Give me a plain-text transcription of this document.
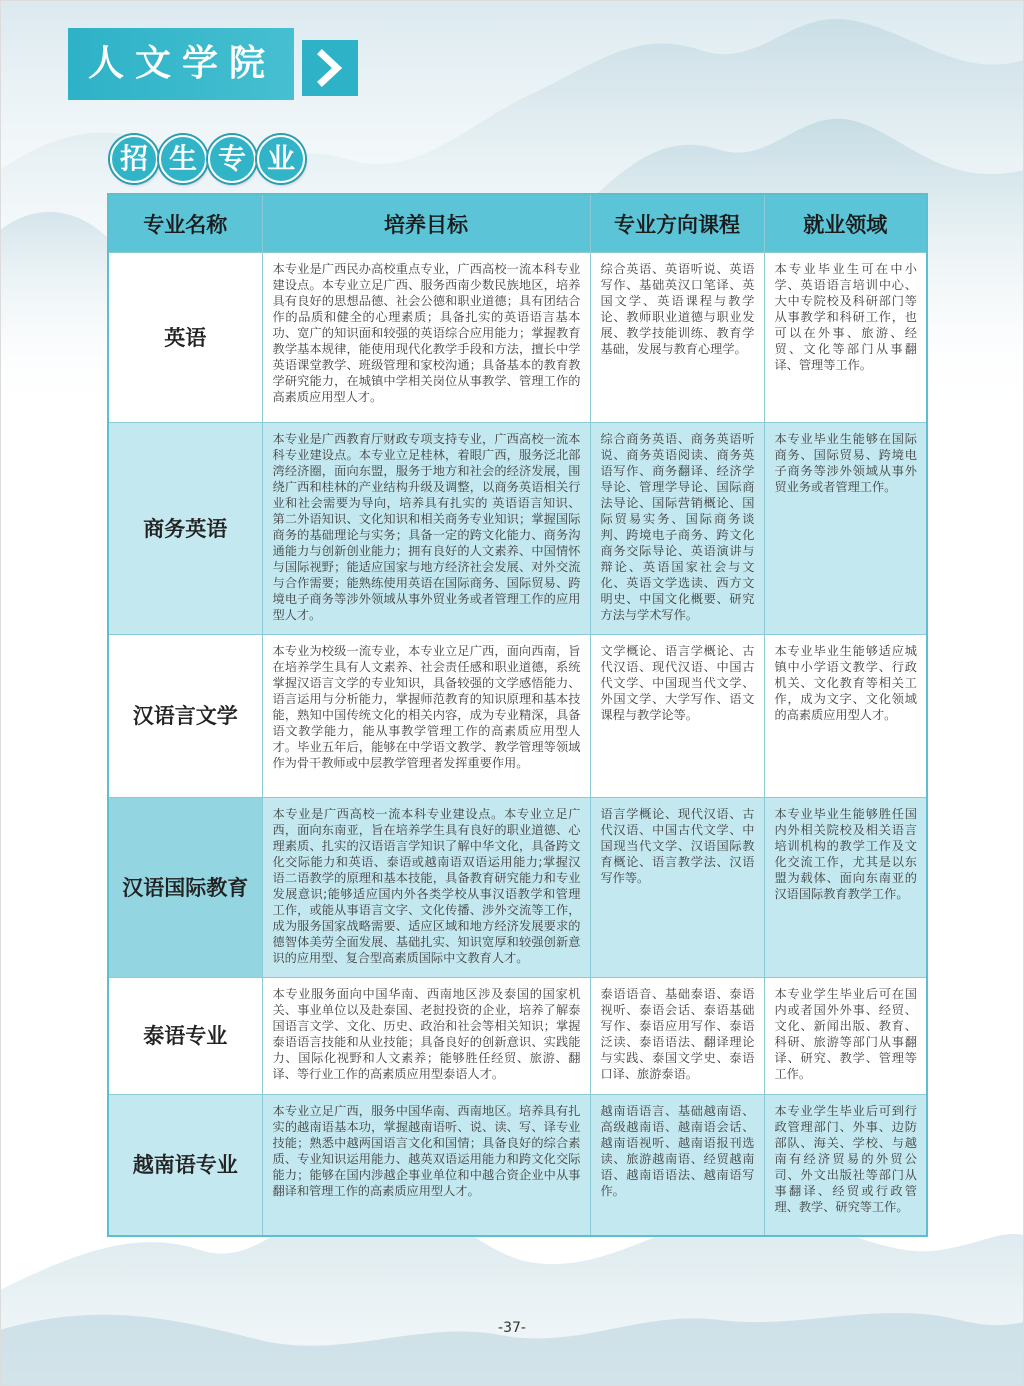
人文学院
招 生 专 业
专业名称	培养目标	专业方向课程	就业领域
英语	本专业是广西民办高校重点专业，广西高校一流本科专业建设点。本专业立足广西、服务西南少数民族地区，培养具有良好的思想品德、社会公德和职业道德；具有团结合作的品质和健全的心理素质；具备扎实的英语语言基本功、宽广的知识面和较强的英语综合应用能力；掌握教育教学基本规律，能使用现代化教学手段和方法，擅长中学英语课堂教学、班级管理和家校沟通；具备基本的教育教学研究能力，在城镇中学相关岗位从事教学、管理工作的高素质应用型人才。	综合英语、英语听说、英语写作、基础英汉口笔译、英国文学、英语课程与教学论、教师职业道德与职业发展、教学技能训练、教育学基础，发展与教育心理学。	本专业毕业生可在中小学、英语语言培训中心、大中专院校及科研部门等从事教学和科研工作，也可以在外事、旅游、经贸、文化等部门从事翻译、管理等工作。
商务英语	本专业是广西教育厅财政专项支持专业，广西高校一流本科专业建设点。本专业立足桂林，着眼广西，服务泛北部湾经济圈，面向东盟，服务于地方和社会的经济发展，围绕广西和桂林的产业结构升级及调整，以商务英语相关行业和社会需要为导向，培养具有扎实的 英语语言知识、第二外语知识、文化知识和相关商务专业知识；掌握国际商务的基础理论与实务；具备一定的跨文化能力、商务沟通能力与创新创业能力；拥有良好的人文素养、中国情怀与国际视野；能适应国家与地方经济社会发展、对外交流与合作需要；能熟练使用英语在国际商务、国际贸易、跨境电子商务等涉外领域从事外贸业务或者管理工作的应用型人才。	综合商务英语、商务英语听说、商务英语阅读、商务英语写作、商务翻译、经济学导论、管理学导论、国际商法导论、国际营销概论、国际贸易实务、国际商务谈判、跨境电子商务、跨文化商务交际导论、英语演讲与辩论、英语国家社会与文化、英语文学选读、西方文明史、中国文化概要、研究方法与学术写作。	本专业毕业生能够在国际商务、国际贸易、跨境电子商务等涉外领域从事外贸业务或者管理工作。
汉语言文学	本专业为校级一流专业，本专业立足广西，面向西南，旨在培养学生具有人文素养、社会责任感和职业道德，系统掌握汉语言文学的专业知识，具备较强的文学感悟能力、语言运用与分析能力，掌握师范教育的知识原理和基本技能，熟知中国传统文化的相关内容，成为专业精深，具备语文教学能力，能从事教学管理工作的高素质应用型人才。毕业五年后，能够在中学语文教学、教学管理等领域作为骨干教师或中层教学管理者发挥重要作用。	文学概论、语言学概论、古代汉语、现代汉语、中国古代文学、中国现当代文学、外国文学、大学写作、语文课程与教学论等。	本专业毕业生能够适应城镇中小学语文教学、行政机关、文化教育等相关工作，成为文字、文化领域的高素质应用型人才。
汉语国际教育	本专业是广西高校一流本科专业建设点。本专业立足广西，面向东南亚，旨在培养学生具有良好的职业道德、心理素质、扎实的汉语语言学知识了解中华文化，具备跨文化交际能力和英语、泰语或越南语双语运用能力;掌握汉语二语教学的原理和基本技能，具备教育研究能力和专业发展意识;能够适应国内外各类学校从事汉语教学和管理工作，或能从事语言文字、文化传播、涉外交流等工作，成为服务国家战略需要、适应区域和地方经济发展要求的德智体美劳全面发展、基础扎实、知识宽厚和较强创新意识的应用型、复合型高素质国际中文教育人才。	语言学概论、现代汉语、古代汉语、中国古代文学、中国现当代文学、汉语国际教育概论、语言教学法、汉语写作等。	本专业毕业生能够胜任国内外相关院校及相关语言培训机构的教学工作及文化交流工作，尤其是以东盟为载体、面向东南亚的汉语国际教育教学工作。
泰语专业	本专业服务面向中国华南、西南地区涉及泰国的国家机关、事业单位以及赴泰国、老挝投资的企业，培养了解泰国语言文学、文化、历史、政治和社会等相关知识；掌握泰语语言技能和从业技能；具备良好的创新意识、实践能力、国际化视野和人文素养；能够胜任经贸、旅游、翻译、等行业工作的高素质应用型泰语人才。	泰语语音、基础泰语、泰语视听、泰语会话、泰语基础写作、泰语应用写作、泰语泛读、泰语语法、翻译理论与实践、泰国文学史、泰语口译、旅游泰语。	本专业学生毕业后可在国内或者国外外事、经贸、文化、新闻出版、教育、科研、旅游等部门从事翻译、研究、教学、管理等工作。
越南语专业	本专业立足广西，服务中国华南、西南地区。培养具有扎实的越南语基本功，掌握越南语听、说、读、写、译专业技能；熟悉中越两国语言文化和国情；具备良好的综合素质、专业知识运用能力、越英双语运用能力和跨文化交际能力；能够在国内涉越企事业单位和中越合资企业中从事翻译和管理工作的高素质应用型人才。	越南语语言、基础越南语、高级越南语、越南语会话、越南语视听、越南语报刊选读、旅游越南语、经贸越南语、越南语语法、越南语写作。	本专业学生毕业后可到行政管理部门、外事、边防部队、海关、学校、与越南有经济贸易的外贸公司、外文出版社等部门从事翻译、经贸或行政管理、教学、研究等工作。
-37-
